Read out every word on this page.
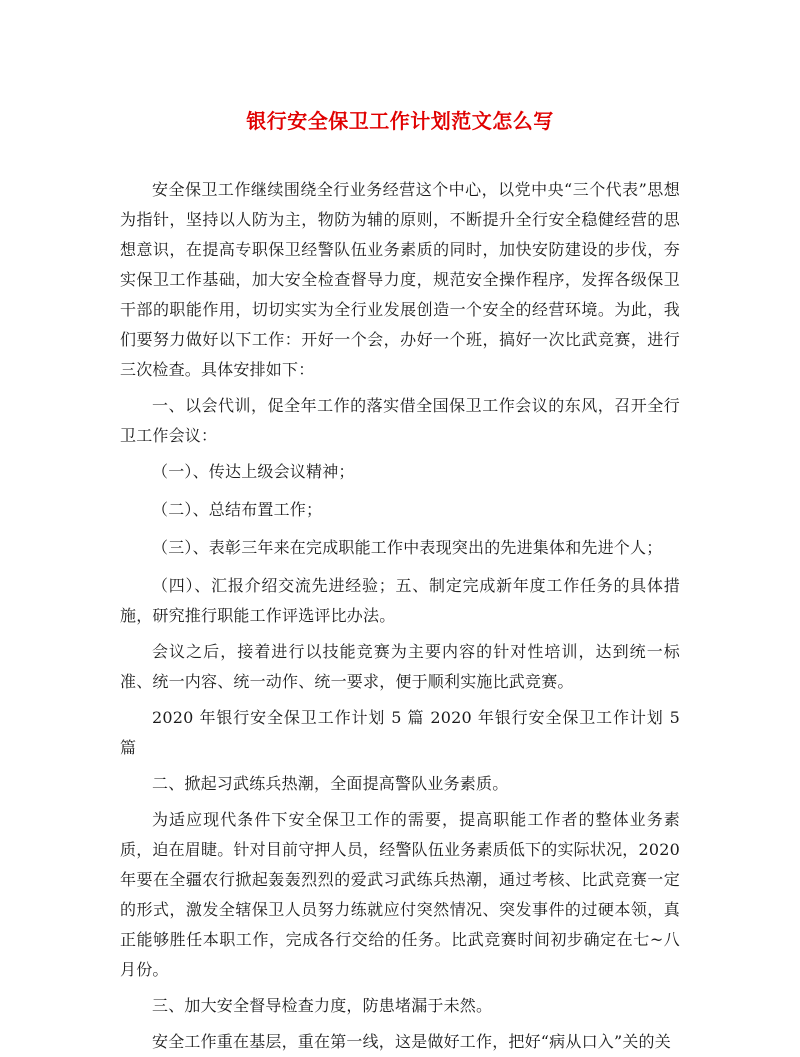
银行安全保卫工作计划范文怎么写

安全保卫工作继续围绕全行业务经营这个中心，以党中央“三个代表”思想为指针，坚持以人防为主，物防为辅的原则，不断提升全行安全稳健经营的思想意识，在提高专职保卫经警队伍业务素质的同时，加快安防建设的步伐，夯实保卫工作基础，加大安全检查督导力度，规范安全操作程序，发挥各级保卫干部的职能作用，切切实实为全行业发展创造一个安全的经营环境。为此，我们要努力做好以下工作：开好一个会，办好一个班，搞好一次比武竞赛，进行三次检查。具体安排如下：

一、以会代训，促全年工作的落实借全国保卫工作会议的东风，召开全行卫工作会议：

（一）、传达上级会议精神；

（二）、总结布置工作；

（三）、表彰三年来在完成职能工作中表现突出的先进集体和先进个人；

（四）、汇报介绍交流先进经验；五、制定完成新年度工作任务的具体措施，研究推行职能工作评选评比办法。

会议之后，接着进行以技能竞赛为主要内容的针对性培训，达到统一标准、统一内容、统一动作、统一要求，便于顺利实施比武竞赛。

2020 年银行安全保卫工作计划 5 篇 2020 年银行安全保卫工作计划 5 篇

二、掀起习武练兵热潮，全面提高警队业务素质。

为适应现代条件下安全保卫工作的需要，提高职能工作者的整体业务素质，迫在眉睫。针对目前守押人员，经警队伍业务素质低下的实际状况，2020 年要在全疆农行掀起轰轰烈烈的爱武习武练兵热潮，通过考核、比武竞赛一定的形式，激发全辖保卫人员努力练就应付突然情况、突发事件的过硬本领，真正能够胜任本职工作，完成各行交给的任务。比武竞赛时间初步确定在七~八月份。

三、加大安全督导检查力度，防患堵漏于未然。

安全工作重在基层，重在第一线，这是做好工作，把好“病从口入”关的关
